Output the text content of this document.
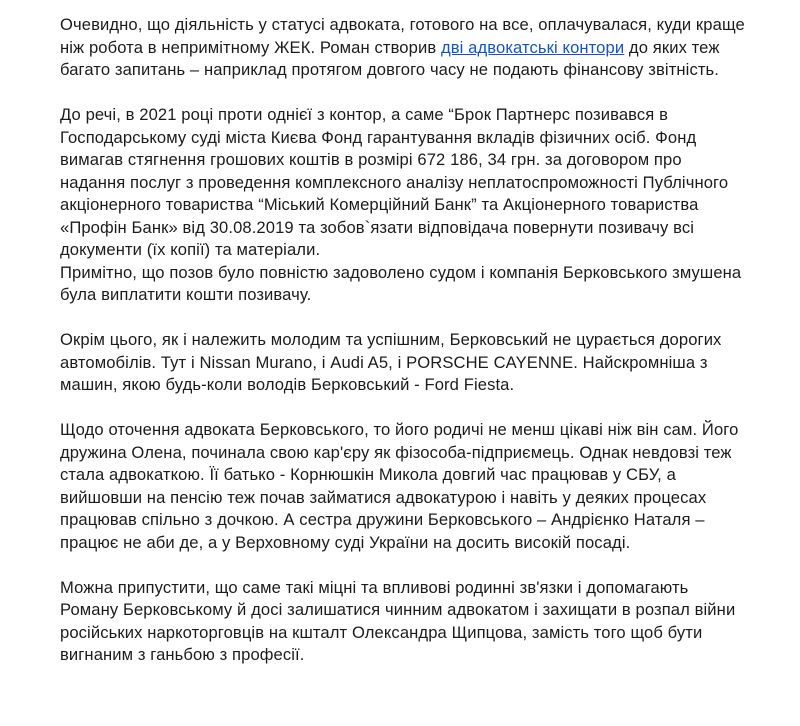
Очевидно, що діяльність у статусі адвоката, готового на все, оплачувалася, куди краще
ніж робота в непримітному ЖЕК. Роман створив дві адвокатські контори до яких теж
багато запитань – наприклад протягом довгого часу не подають фінансову звітність.

До речі, в 2021 році проти однієї з контор, а саме “Брок Партнерс позивався в
Господарському суді міста Києва Фонд гарантування вкладів фізичних осіб. Фонд
вимагав стягнення грошових коштів в розмірі 672 186, 34 грн. за договором про
надання послуг з проведення комплексного аналізу неплатоспроможності Публічного
акціонерного товариства “Міський Комерційний Банк” та Акціонерного товариства
«Профін Банк» від 30.08.2019 та зобов`язати відповідача повернути позивачу всі
документи (їх копії) та матеріали.

Примітно, що позов було повністю задоволено судом і компанія Берковського змушена
була виплатити кошти позивачу.

Окрім цього, як і належить молодим та успішним, Берковський не цурається дорогих
автомобілів. Тут і Nissan Murano, і Audi A5, і PORSCHE CAYENNE. Найскромніша з
машин, якою будь-коли володів Берковський - Ford Fiesta.

Щодо оточення адвоката Берковського, то його родичі не менш цікаві ніж він сам. Його
дружина Олена, починала свою кар'єру як фізособа-підприємець. Однак невдовзі теж
стала адвокаткою. Її батько - Корнюшкін Микола довгий час працював у СБУ, а
вийшовши на пенсію теж почав займатися адвокатурою і навіть у деяких процесах
працював спільно з дочкою. А сестра дружини Берковського – Андрієнко Наталя –
працює не аби де, а у Верховному суді України на досить високій посаді.

Можна припустити, що саме такі міцні та впливові родинні зв'язки і допомагають
Роману Берковському й досі залишатися чинним адвокатом і захищати в розпал війни
російських наркоторговців на кшталт Олександра Щипцова, замість того щоб бути
вигнаним з ганьбою з професії.
